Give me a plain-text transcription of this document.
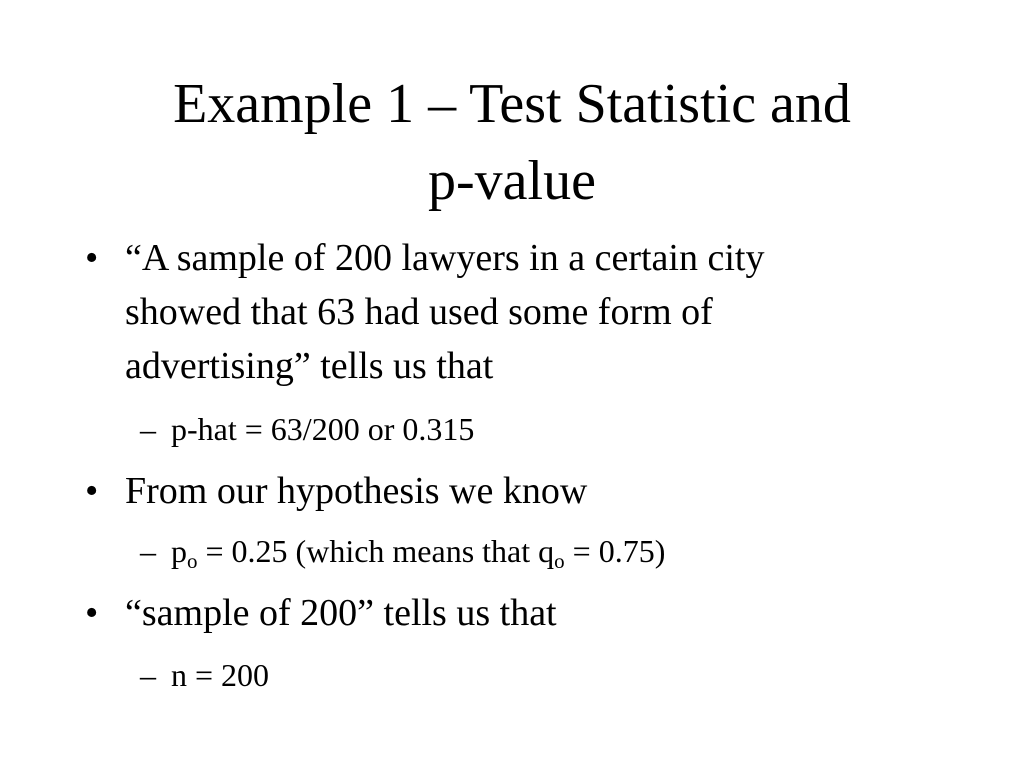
Example 1 – Test Statistic and
p-value
• “A sample of 200 lawyers in a certain city
showed that 63 had used some form of
advertising” tells us that
– p-hat = 63/200 or 0.315
• From our hypothesis we know
– $p_o = 0.25$ (which means that $q_o = 0.75$)
• “sample of 200” tells us that
– n = 200
